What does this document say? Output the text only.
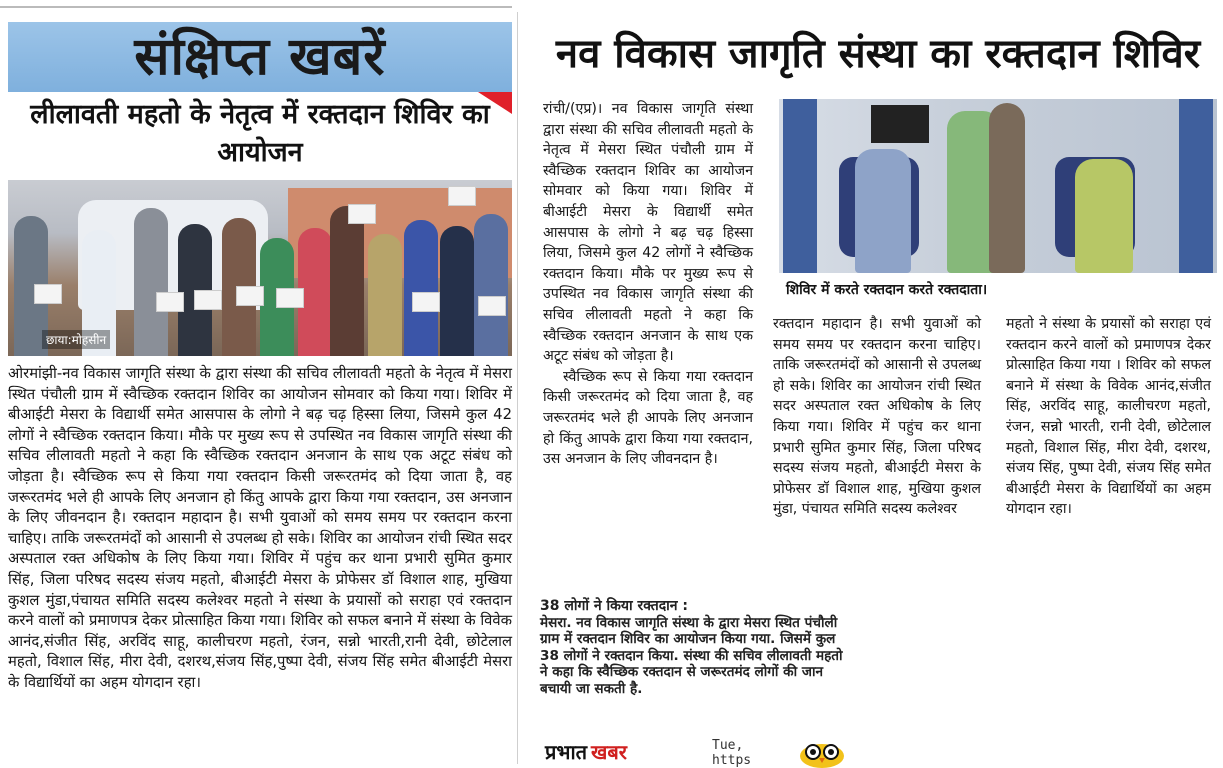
संक्षिप्त खबरें
लीलावती महतो के नेतृत्व में रक्तदान शिविर का आयोजन
छाया:मोहसीन

ओरमांझी-नव विकास जागृति संस्था के द्वारा संस्था की सचिव लीलावती महतो के नेतृत्व में मेसरा स्थित पंचौली ग्राम में स्वैच्छिक रक्तदान शिविर का आयोजन सोमवार को किया गया। शिविर में बीआईटी मेसरा के विद्यार्थी समेत आसपास के लोगो ने बढ़ चढ़ हिस्सा लिया, जिसमे कुल 42 लोगों ने स्वैच्छिक रक्तदान किया। मौके पर मुख्य रूप से उपस्थित नव विकास जागृति संस्था की सचिव लीलावती महतो ने कहा कि स्वैच्छिक रक्तदान अनजान के साथ एक अटूट संबंध को जोड़ता है। स्वैच्छिक रूप से किया गया रक्तदान किसी जरूरतमंद को दिया जाता है, वह जरूरतमंद भले ही आपके लिए अनजान हो किंतु आपके द्वारा किया गया रक्तदान, उस अनजान के लिए जीवनदान है। रक्तदान महादान है। सभी युवाओं को समय समय पर रक्तदान करना चाहिए। ताकि जरूरतमंदों को आसानी से उपलब्ध हो सके। शिविर का आयोजन रांची स्थित सदर अस्पताल रक्त अधिकोष के लिए किया गया। शिविर में पहुंच कर थाना प्रभारी सुमित कुमार सिंह, जिला परिषद सदस्य संजय महतो, बीआईटी मेसरा के प्रोफेसर डॉ विशाल शाह, मुखिया कुशल मुंडा,पंचायत समिति सदस्य कलेश्वर महतो ने संस्था के प्रयासों को सराहा एवं रक्तदान करने वालों को प्रमाणपत्र देकर प्रोत्साहित किया गया। शिविर को सफल बनाने में संस्था के विवेक आनंद,संजीत सिंह, अरविंद साहू, कालीचरण महतो, रंजन, सन्नो भारती,रानी देवी, छोटेलाल महतो, विशाल सिंह, मीरा देवी, दशरथ,संजय सिंह,पुष्पा देवी, संजय सिंह समेत बीआईटी मेसरा के विद्यार्थियों का अहम योगदान रहा।

नव विकास जागृति संस्था का रक्तदान शिविर

रांची/(एप्र)। नव विकास जागृति संस्था द्वारा संस्था की सचिव लीलावती महतो के नेतृत्व में मेसरा स्थित पंचौली ग्राम में स्वैच्छिक रक्तदान शिविर का आयोजन सोमवार को किया गया। शिविर में बीआईटी मेसरा के विद्यार्थी समेत आसपास के लोगो ने बढ़ चढ़ हिस्सा लिया, जिसमे कुल 42 लोगों ने स्वैच्छिक रक्तदान किया। मौके पर मुख्य रूप से उपस्थित नव विकास जागृति संस्था की सचिव लीलावती महतो ने कहा कि स्वैच्छिक रक्तदान अनजान के साथ एक अटूट संबंध को जोड़ता है।

स्वैच्छिक रूप से किया गया रक्तदान किसी जरूरतमंद को दिया जाता है, वह जरूरतमंद भले ही आपके लिए अनजान हो किंतु आपके द्वारा किया गया रक्तदान, उस अनजान के लिए जीवनदान है।

शिविर में करते रक्तदान करते रक्तदाता।

रक्तदान महादान है। सभी युवाओं को समय समय पर रक्तदान करना चाहिए। ताकि जरूरतमंदों को आसानी से उपलब्ध हो सके। शिविर का आयोजन रांची स्थित सदर अस्पताल रक्त अधिकोष के लिए किया गया। शिविर में पहुंच कर थाना प्रभारी सुमित कुमार सिंह, जिला परिषद सदस्य संजय महतो, बीआईटी मेसरा के प्रोफेसर डॉ विशाल शाह, मुखिया कुशल मुंडा, पंचायत समिति सदस्य कलेश्वर

महतो ने संस्था के प्रयासों को सराहा एवं रक्तदान करने वालों को प्रमाणपत्र देकर प्रोत्साहित किया गया । शिविर को सफल बनाने में संस्था के विवेक आनंद,संजीत सिंह, अरविंद साहू, कालीचरण महतो, रंजन, सन्नो भारती, रानी देवी, छोटेलाल महतो, विशाल सिंह, मीरा देवी, दशरथ, संजय सिंह, पुष्पा देवी, संजय सिंह समेत बीआईटी मेसरा के विद्यार्थियों का अहम योगदान रहा।

38 लोगों ने किया रक्तदान :
मेसरा. नव विकास जागृति संस्था के द्वारा मेसरा स्थित पंचौली ग्राम में रक्तदान शिविर का आयोजन किया गया. जिसमें कुल 38 लोगों ने रक्तदान किया. संस्था की सचिव लीलावती महतो ने कहा कि स्वैच्छिक रक्तदान से जरूरतमंद लोगों की जान बचायी जा सकती है.
प्रभात खबर	Tue,
https
